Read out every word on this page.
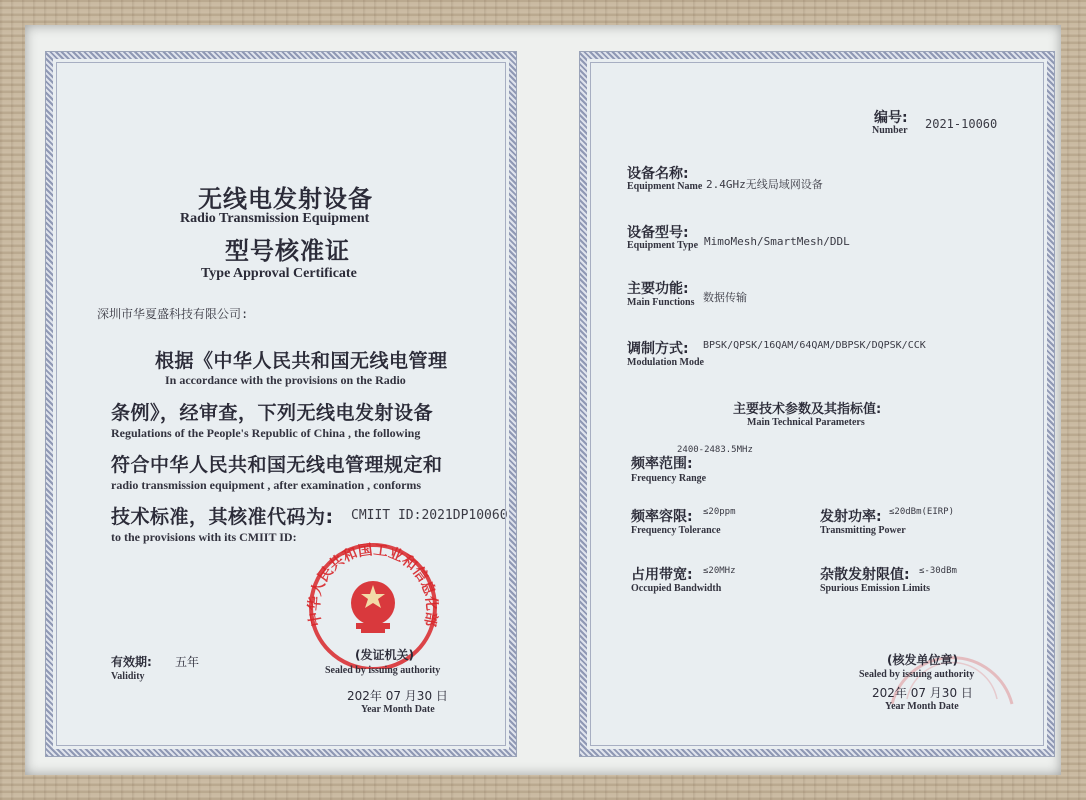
无线电发射设备
Radio Transmission Equipment
型号核准证
Type Approval Certificate
深圳市华夏盛科技有限公司:
根据《中华人民共和国无线电管理
In accordance with the provisions on the Radio
条例》，经审查，下列无线电发射设备
Regulations of the People's Republic of China , the following
符合中华人民共和国无线电管理规定和
radio transmission equipment , after examination , conforms
技术标准，其核准代码为: CMIIT ID:2021DP10060
to the provisions with its CMIIT ID:
中华人民共和国工业和信息化部
(发证机关)
Sealed by issuing authority
有效期: 五年
Validity
202年 07 月30 日
Year Month Date
编号:
Number 2021-10060
设备名称:
Equipment Name 2.4GHz无线局域网设备
设备型号:
Equipment Type MimoMesh/SmartMesh/DDL
主要功能:
Main Functions 数据传输
调制方式:
Modulation Mode
BPSK/QPSK/16QAM/64QAM/DBPSK/DQPSK/CCK
主要技术参数及其指标值:
Main Technical Parameters
频率范围:
Frequency Range
2400-2483.5MHz
频率容限:
Frequency Tolerance
≤20ppm	发射功率:
Transmitting Power
≤20dBm(EIRP)
占用带宽:
Occupied Bandwidth
≤20MHz	杂散发射限值:
Spurious Emission Limits
≤-30dBm
(核发单位章)
Sealed by issuing authority
202年 07 月30 日
Year Month Date
